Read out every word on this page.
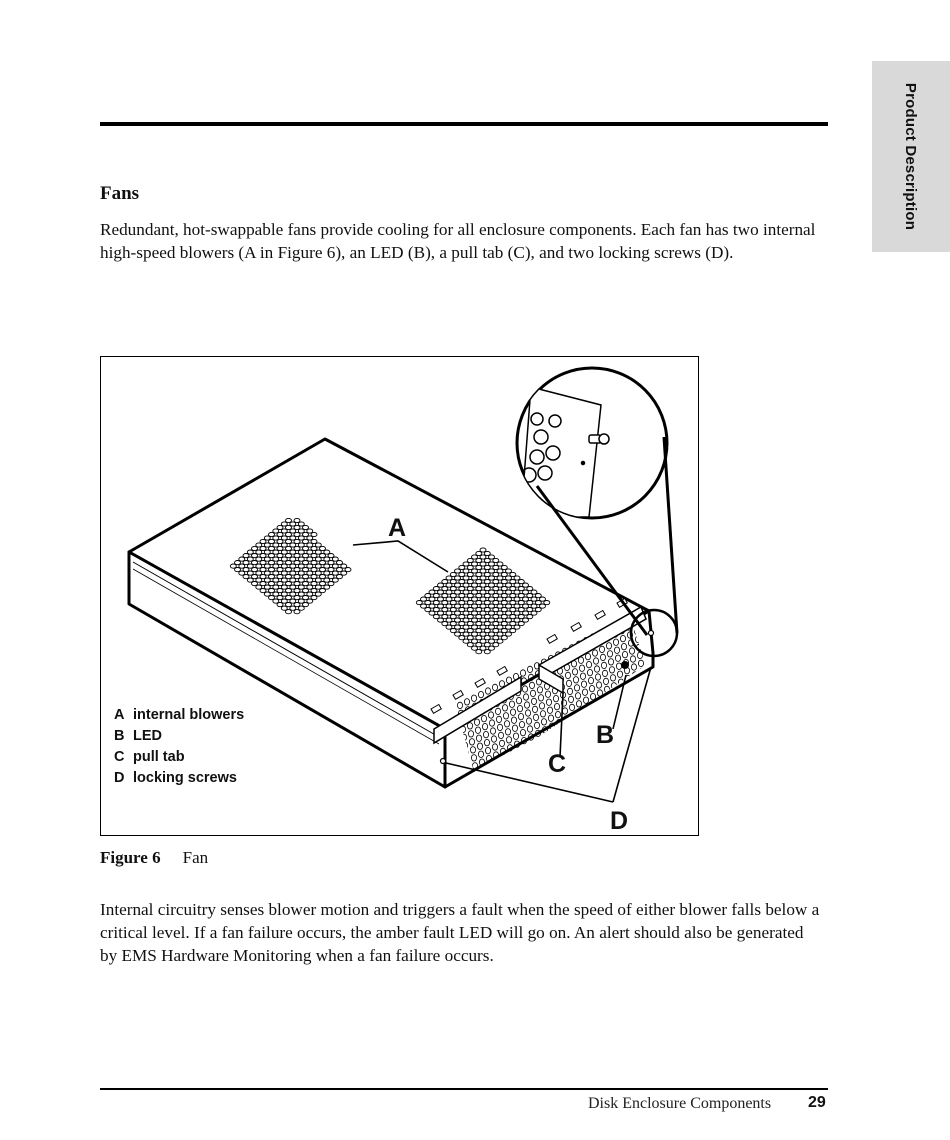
Product Description
Fans

Redundant, hot-swappable fans provide cooling for all enclosure components. Each fan has two internal high-speed blowers (A in Figure 6), an LED (B), a pull tab (C), and two locking screws (D).

A
B
C
D
A internal blowers
B LED
C pull tab
D locking screws
Figure 6 Fan

Internal circuitry senses blower motion and triggers a fault when the speed of either blower falls below a critical level. If a fan failure occurs, the amber fault LED will go on. An alert should also be generated by EMS Hardware Monitoring when a fan failure occurs.

Disk Enclosure Components 29
